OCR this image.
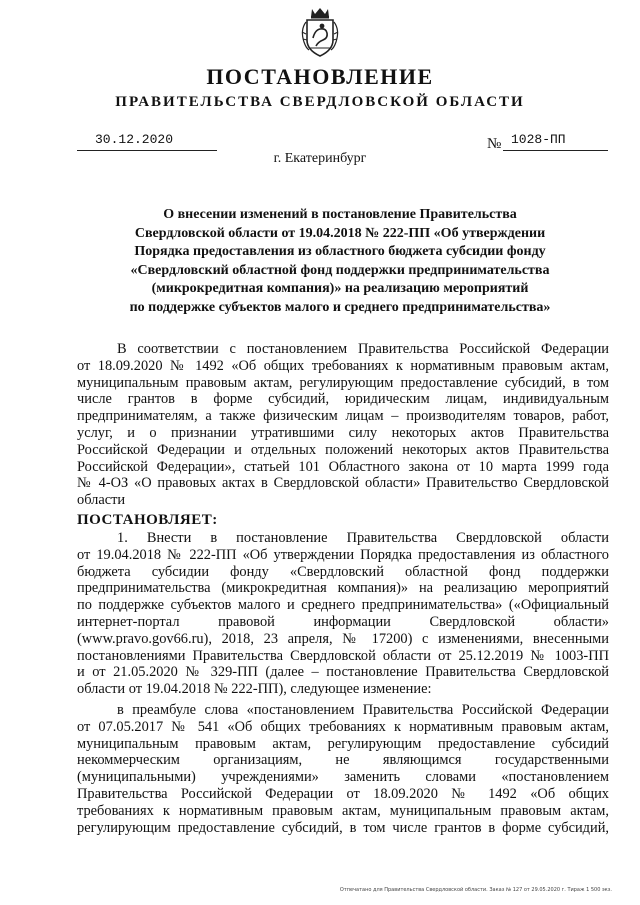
ПОСТАНОВЛЕНИЕ
ПРАВИТЕЛЬСТВА СВЕРДЛОВСКОЙ ОБЛАСТИ
30.12.2020	№ 1028-ПП
г. Екатеринбург
О внесении изменений в постановление Правительства
Свердловской области от 19.04.2018 № 222-ПП «Об утверждении
Порядка предоставления из областного бюджета субсидии фонду
«Свердловский областной фонд поддержки предпринимательства
(микрокредитная компания)» на реализацию мероприятий
по поддержке субъектов малого и среднего предпринимательства»
В соответствии с постановлением Правительства Российской Федерации
от 18.09.2020 № 1492 «Об общих требованиях к нормативным правовым актам,
муниципальным правовым актам, регулирующим предоставление субсидий, в том
числе грантов в форме субсидий, юридическим лицам, индивидуальным
предпринимателям, а также физическим лицам – производителям товаров, работ,
услуг, и о признании утратившими силу некоторых актов Правительства
Российской Федерации и отдельных положений некоторых актов Правительства
Российской Федерации», статьей 101 Областного закона от 10 марта 1999 года
№ 4-ОЗ «О правовых актах в Свердловской области» Правительство Свердловской
области
ПОСТАНОВЛЯЕТ:
1. Внести в постановление Правительства Свердловской области
от 19.04.2018 № 222-ПП «Об утверждении Порядка предоставления из областного
бюджета субсидии фонду «Свердловский областной фонд поддержки
предпринимательства (микрокредитная компания)» на реализацию мероприятий
по поддержке субъектов малого и среднего предпринимательства» («Официальный
интернет-портал правовой информации Свердловской области»
(www.pravo.gov66.ru), 2018, 23 апреля, № 17200) с изменениями, внесенными
постановлениями Правительства Свердловской области от 25.12.2019 № 1003-ПП
и от 21.05.2020 № 329-ПП (далее – постановление Правительства Свердловской
области от 19.04.2018 № 222-ПП), следующее изменение:
в преамбуле слова «постановлением Правительства Российской Федерации
от 07.05.2017 № 541 «Об общих требованиях к нормативным правовым актам,
муниципальным правовым актам, регулирующим предоставление субсидий
некоммерческим организациям, не являющимся государственными
(муниципальными) учреждениями» заменить словами «постановлением
Правительства Российской Федерации от 18.09.2020 № 1492 «Об общих
требованиях к нормативным правовым актам, муниципальным правовым актам,
регулирующим предоставление субсидий, в том числе грантов в форме субсидий,
Отпечатано для Правительства Свердловской области. Заказ № 127 от 29.05.2020 г. Тираж 1 500 экз.
